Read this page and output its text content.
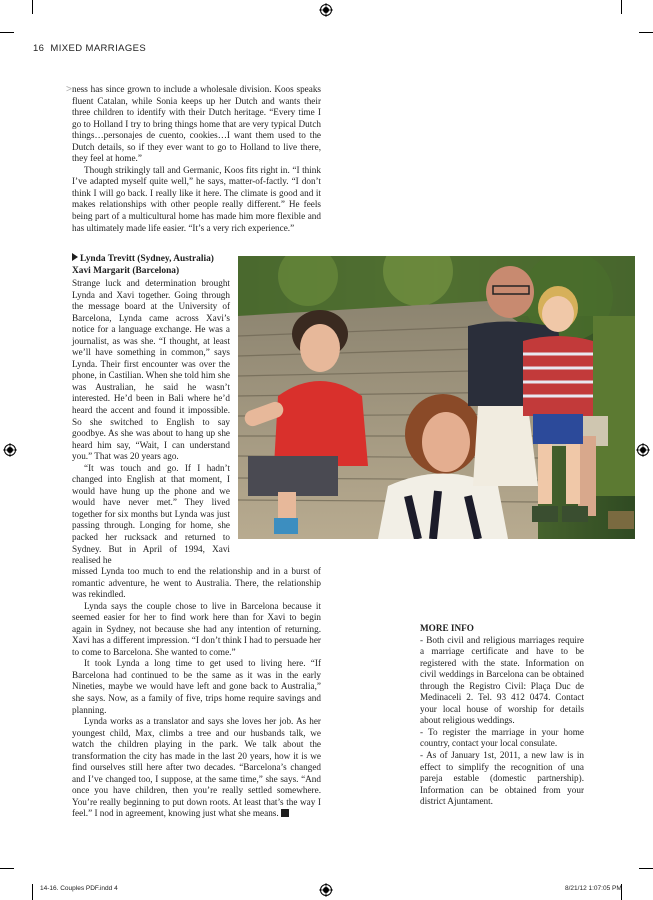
16 MIXED MARRIAGES
> ness has since grown to include a wholesale division. Koos speaks fluent Catalan, while Sonia keeps up her Dutch and wants their three children to identify with their Dutch heritage. “Every time I go to Holland I try to bring things home that are very typical Dutch things…personajes de cuento, cookies…I want them used to the Dutch details, so if they ever want to go to Holland to live there, they feel at home.”

Though strikingly tall and Germanic, Koos fits right in. “I think I’ve adapted myself quite well,” he says, matter-of-factly. “I don’t think I will go back. I really like it here. The climate is good and it makes relationships with other people really different.” He feels being part of a multicultural home has made him more flexible and has ultimately made life easier. “It’s a very rich experience.”

Lynda Trevitt (Sydney, Australia)
Xavi Margarit (Barcelona)

Strange luck and determination brought Lynda and Xavi together. Going through the message board at the University of Barcelona, Lynda came across Xavi’s notice for a language exchange. He was a journalist, as was she. “I thought, at least we’ll have something in common,” says Lynda. Their first encounter was over the phone, in Castilian. When she told him she was Australian, he said he wasn’t interested. He’d been in Bali where he’d heard the accent and found it impossible. So she switched to English to say goodbye. As she was about to hang up she heard him say, “Wait, I can understand you.” That was 20 years ago.

“It was touch and go. If I hadn’t changed into English at that moment, I would have hung up the phone and we would have never met.” They lived together for six months but Lynda was just passing through. Longing for home, she packed her rucksack and returned to Sydney. But in April of 1994, Xavi realised he

missed Lynda too much to end the relationship and in a burst of romantic adventure, he went to Australia. There, the relationship was rekindled.

Lynda says the couple chose to live in Barcelona because it seemed easier for her to find work here than for Xavi to begin again in Sydney, not because she had any intention of returning. Xavi has a different impression. “I don’t think I had to persuade her to come to Barcelona. She wanted to come.”

It took Lynda a long time to get used to living here. “If Barcelona had continued to be the same as it was in the early Nineties, maybe we would have left and gone back to Australia,” she says. Now, as a family of five, trips home require savings and planning.

Lynda works as a translator and says she loves her job. As her youngest child, Max, climbs a tree and our husbands talk, we watch the children playing in the park. We talk about the transformation the city has made in the last 20 years, how it is we find ourselves still here after two decades. “Barcelona’s changed and I’ve changed too, I suppose, at the same time,” she says. “And once you have children, then you’re really settled somewhere. You’re really beginning to put down roots. At least that’s the way I feel.” I nod in agreement, knowing just what she means.

MORE INFO

- Both civil and religious marriages require a marriage certificate and have to be registered with the state. Information on civil weddings in Barcelona can be obtained through the Registro Civil: Plaça Duc de Medinaceli 2. Tel. 93 412 0474. Contact your local house of worship for details about religious weddings.

- To register the marriage in your home country, contact your local consulate.

- As of January 1st, 2011, a new law is in effect to simplify the recognition of una pareja estable (domestic partnership). Information can be obtained from your district Ajuntament.

14-16. Couples PDF.indd 4	8/21/12 1:07:05 PM
